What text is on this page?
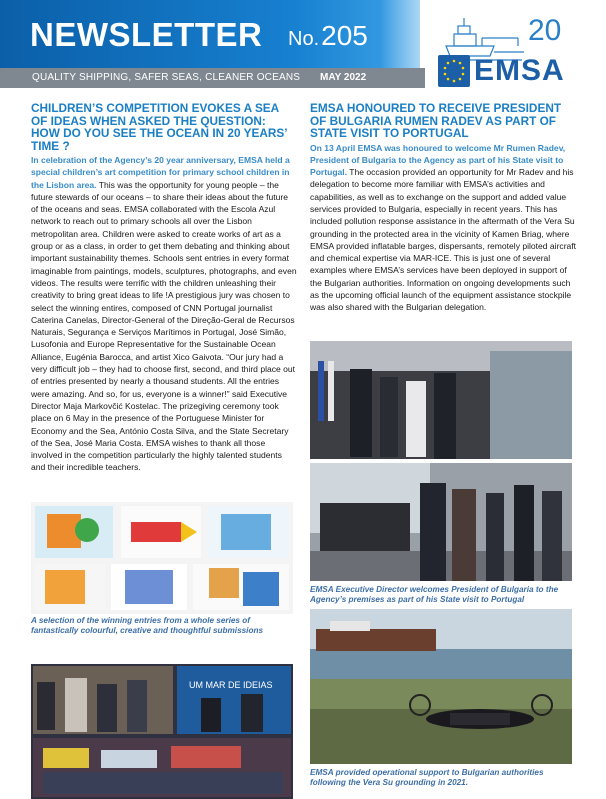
NEWSLETTER No.205
QUALITY SHIPPING, SAFER SEAS, CLEANER OCEANS MAY 2022
20
EMSA
CHILDREN’S COMPETITION EVOKES A SEA OF IDEAS WHEN ASKED THE QUESTION: HOW DO YOU SEE THE OCEAN IN 20 YEARS’ TIME ?

In celebration of the Agency’s 20 year anniversary, EMSA held a special children’s art competition for primary school children in the Lisbon area. This was the opportunity for young people – the future stewards of our oceans – to share their ideas about the future of the oceans and seas. EMSA collaborated with the Escola Azul network to reach out to primary schools all over the Lisbon metropolitan area. Children were asked to create works of art as a group or as a class, in order to get them debating and thinking about important sustainability themes. Schools sent entries in every format imaginable from paintings, models, sculptures, photographs, and even videos. The results were terrific with the children unleashing their creativity to bring great ideas to life !A prestigious jury was chosen to select the winning entires, composed of CNN Portugal journalist Caterina Canelas, Director-General of the Direção-Geral de Recursos Naturais, Segurança e Serviços Marítimos in Portugal, José Simão, Lusofonia and Europe Representative for the Sustainable Ocean Alliance, Eugénia Barocca, and artist Xico Gaivota. “Our jury had a very difficult job – they had to choose first, second, and third place out of entries presented by nearly a thousand students. All the entries were amazing. And so, for us, everyone is a winner!” said Executive Director Maja Markovčić Kostelac. The prizegiving ceremony took place on 6 May in the presence of the Portuguese Minister for Economy and the Sea, António Costa Silva, and the State Secretary of the Sea, José Maria Costa. EMSA wishes to thank all those involved in the competition particularly the highly talented students and their incredible teachers.

A selection of the winning entries from a whole series of fantastically colourful, creative and thoughtful submissions
UM MAR DE IDEIAS
EMSA HONOURED TO RECEIVE PRESIDENT OF BULGARIA RUMEN RADEV AS PART OF STATE VISIT TO PORTUGAL

On 13 April EMSA was honoured to welcome Mr Rumen Radev, President of Bulgaria to the Agency as part of his State visit to Portugal. The occasion provided an opportunity for Mr Radev and his delegation to become more familiar with EMSA’s activities and capabilities, as well as to exchange on the support and added value services provided to Bulgaria, especially in recent years. This has included pollution response assistance in the aftermath of the Vera Su grounding in the protected area in the vicinity of Kamen Briag, where EMSA provided inflatable barges, dispersants, remotely piloted aircraft and chemical expertise via MAR-ICE. This is just one of several examples where EMSA’s services have been deployed in support of the Bulgarian authorities. Information on ongoing developments such as the upcoming official launch of the equipment assistance stockpile was also shared with the Bulgarian delegation.

EMSA Executive Director welcomes President of Bulgaria to the Agency’s premises as part of his State visit to Portugal
EMSA provided operational support to Bulgarian authorities following the Vera Su grounding in 2021.
